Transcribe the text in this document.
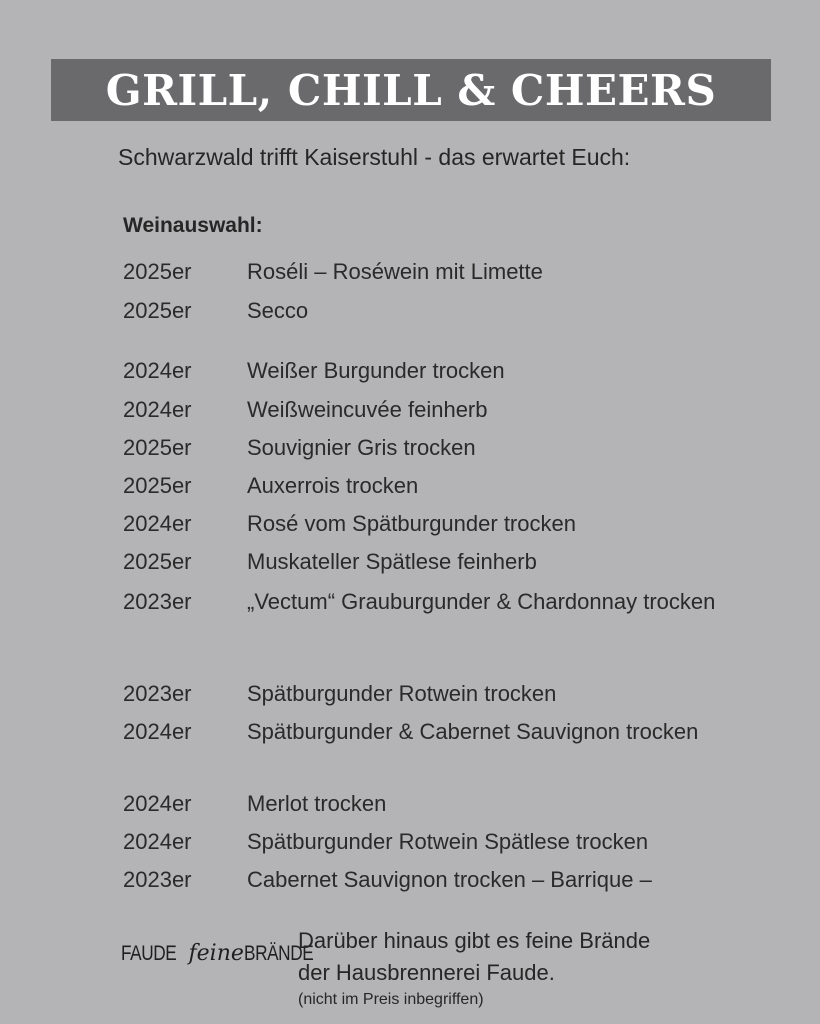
GRILL, CHILL & CHEERS
Schwarzwald trifft Kaiserstuhl - das erwartet Euch:
Weinauswahl:
2025er	Roséli – Roséwein mit Limette
2025er	Secco
2024er	Weißer Burgunder trocken
2024er	Weißweincuvée feinherb
2025er	Souvignier Gris trocken
2025er	Auxerrois trocken
2024er	Rosé vom Spätburgunder trocken
2025er	Muskateller Spätlese feinherb
2023er	„Vectum“ Grauburgunder & Chardonnay trocken
2023er	Spätburgunder Rotwein trocken
2024er	Spätburgunder & Cabernet Sauvignon trocken
2024er	Merlot trocken
2024er	Spätburgunder Rotwein Spätlese trocken
2023er	Cabernet Sauvignon trocken – Barrique –
FAUDE feineBRÄNDE
Darüber hinaus gibt es feine Brände
der Hausbrennerei Faude.
(nicht im Preis inbegriffen)
